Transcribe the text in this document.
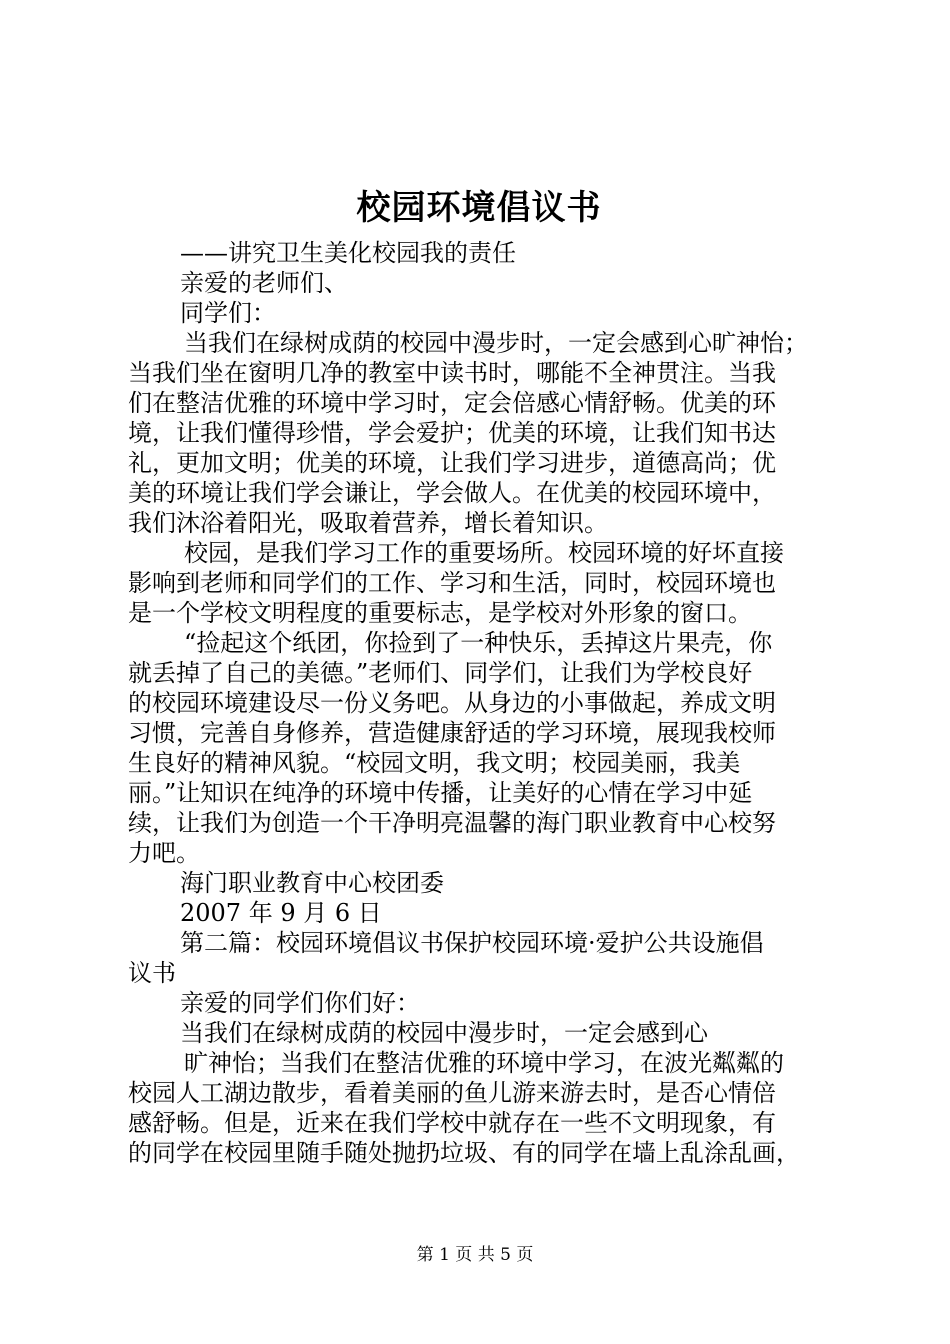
校园环境倡议书

——讲究卫生美化校园我的责任

亲爱的老师们、

同学们：

当我们在绿树成荫的校园中漫步时，一定会感到心旷神怡；

当我们坐在窗明几净的教室中读书时，哪能不全神贯注。当我

们在整洁优雅的环境中学习时，定会倍感心情舒畅。优美的环

境，让我们懂得珍惜，学会爱护；优美的环境，让我们知书达

礼，更加文明；优美的环境，让我们学习进步，道德高尚；优

美的环境让我们学会谦让，学会做人。在优美的校园环境中，

我们沐浴着阳光，吸取着营养，增长着知识。

校园，是我们学习工作的重要场所。校园环境的好坏直接

影响到老师和同学们的工作、学习和生活，同时，校园环境也

是一个学校文明程度的重要标志，是学校对外形象的窗口。

“捡起这个纸团，你捡到了一种快乐，丢掉这片果壳，你

就丢掉了自己的美德。”老师们、同学们，让我们为学校良好

的校园环境建设尽一份义务吧。从身边的小事做起，养成文明

习惯，完善自身修养，营造健康舒适的学习环境，展现我校师

生良好的精神风貌。“校园文明，我文明；校园美丽，我美

丽。”让知识在纯净的环境中传播，让美好的心情在学习中延

续，让我们为创造一个干净明亮温馨的海门职业教育中心校努

力吧。

海门职业教育中心校团委

2007 年 9 月 6 日

第二篇：校园环境倡议书保护校园环境·爱护公共设施倡

议书

亲爱的同学们你们好：

当我们在绿树成荫的校园中漫步时，一定会感到心

旷神怡；当我们在整洁优雅的环境中学习，在波光粼粼的

校园人工湖边散步，看着美丽的鱼儿游来游去时，是否心情倍

感舒畅。但是，近来在我们学校中就存在一些不文明现象，有

的同学在校园里随手随处抛扔垃圾、有的同学在墙上乱涂乱画，

第 1 页 共 5 页
